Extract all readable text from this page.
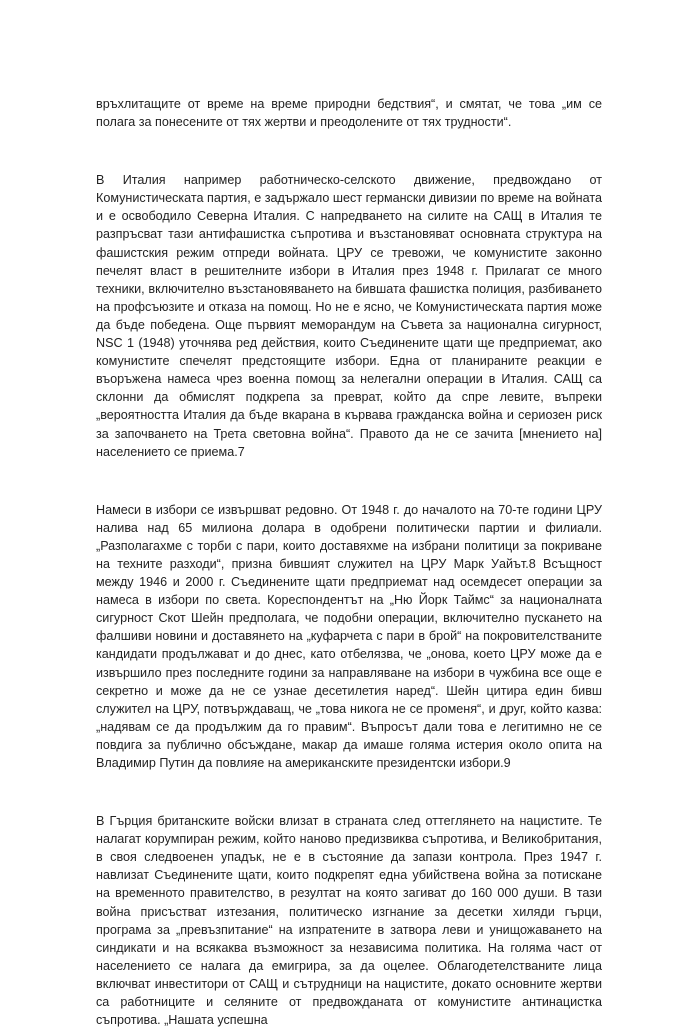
връхлитащите от време на време природни бедствия“, и смятат, че това „им се полага за понесените от тях жертви и преодолените от тях трудности“.

В Италия например работническо-селското движение, предвождано от Комунистическата партия, е задържало шест германски дивизии по време на войната и е освободило Северна Италия. С напредването на силите на САЩ в Италия те разпръсват тази антифашистка съпротива и възстановяват основната структура на фашистския режим отпреди войната. ЦРУ се тревожи, че комунистите законно печелят власт в решителните избори в Италия през 1948 г. Прилагат се много техники, включително възстановяването на бившата фашистка полиция, разбиването на профсъюзите и отказа на помощ. Но не е ясно, че Комунистическата партия може да бъде победена. Още първият меморандум на Съвета за национална сигурност, NSC 1 (1948) уточнява ред действия, които Съединените щати ще предприемат, ако комунистите спечелят предстоящите избори. Една от планираните реакции е въоръжена намеса чрез военна помощ за нелегални операции в Италия. САЩ са склонни да обмислят подкрепа за преврат, който да спре левите, въпреки „вероятността Италия да бъде вкарана в кървава гражданска война и сериозен риск за започването на Трета световна война“. Правото да не се зачита [мнението на] населението се приема.7

Намеси в избори се извършват редовно. От 1948 г. до началото на 70-те години ЦРУ налива над 65 милиона долара в одобрени политически партии и филиали. „Разполагахме с торби с пари, които доставяхме на избрани политици за покриване на техните разходи“, призна бившият служител на ЦРУ Марк Уайът.8 Всъщност между 1946 и 2000 г. Съединените щати предприемат над осемдесет операции за намеса в избори по света. Кореспондентът на „Ню Йорк Таймс“ за националната сигурност Скот Шейн предполага, че подобни операции, включително пускането на фалшиви новини и доставянето на „куфарчета с пари в брой“ на покровителстваните кандидати продължават и до днес, като отбелязва, че „онова, което ЦРУ може да е извършило през последните години за направляване на избори в чужбина все още е секретно и може да не се узнае десетилетия наред“. Шейн цитира един бивш служител на ЦРУ, потвърждаващ, че „това никога не се променя“, и друг, който казва: „надявам се да продължим да го правим“. Въпросът дали това е легитимно не се повдига за публично обсъждане, макар да имаше голяма истерия около опита на Владимир Путин да повлияе на американските президентски избори.9

В Гърция британските войски влизат в страната след оттеглянето на нацистите. Те налагат корумпиран режим, който наново предизвиква съпротива, и Великобритания, в своя следвоенен упадък, не е в състояние да запази контрола. През 1947 г. навлизат Съединените щати, които подкрепят една убийствена война за потискане на временното правителство, в резултат на която загиват до 160 000 души. В тази война присъстват изтезания, политическо изгнание за десетки хиляди гърци, програма за „превъзпитание“ на изпратените в затвора леви и унищожаването на синдикати и на всякаква възможност за независима политика. На голяма част от населението се налага да емигрира, за да оцелее. Облагодетелстваните лица включват инвеститори от САЩ и сътрудници на нацистите, докато основните жертви са работниците и селяните от предвожданата от комунистите антинацистка съпротива. „Нашата успешна
